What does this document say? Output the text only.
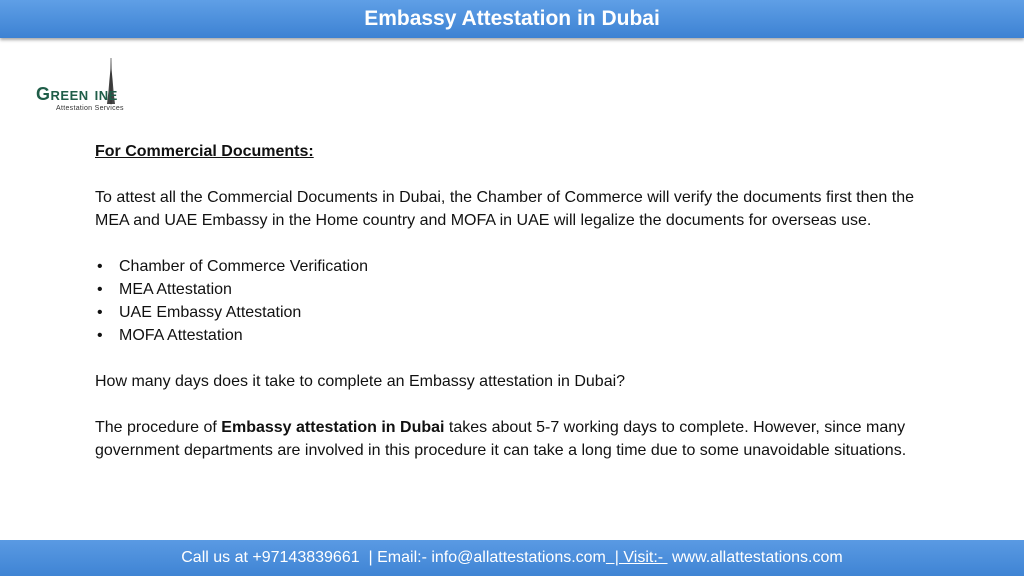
Embassy Attestation in Dubai
GREEN INE
Attestation Services

For Commercial Documents:

To attest all the Commercial Documents in Dubai, the Chamber of Commerce will verify the documents first then the MEA and UAE Embassy in the Home country and MOFA in UAE will legalize the documents for overseas use.

• Chamber of Commerce Verification
• MEA Attestation
• UAE Embassy Attestation
• MOFA Attestation

How many days does it take to complete an Embassy attestation in Dubai?

The procedure of Embassy attestation in Dubai takes about 5-7 working days to complete. However, since many government departments are involved in this procedure it can take a long time due to some unavoidable situations.

Call us at +97143839661  | Email:- info@allattestations.com | Visit:- www.allattestations.com
